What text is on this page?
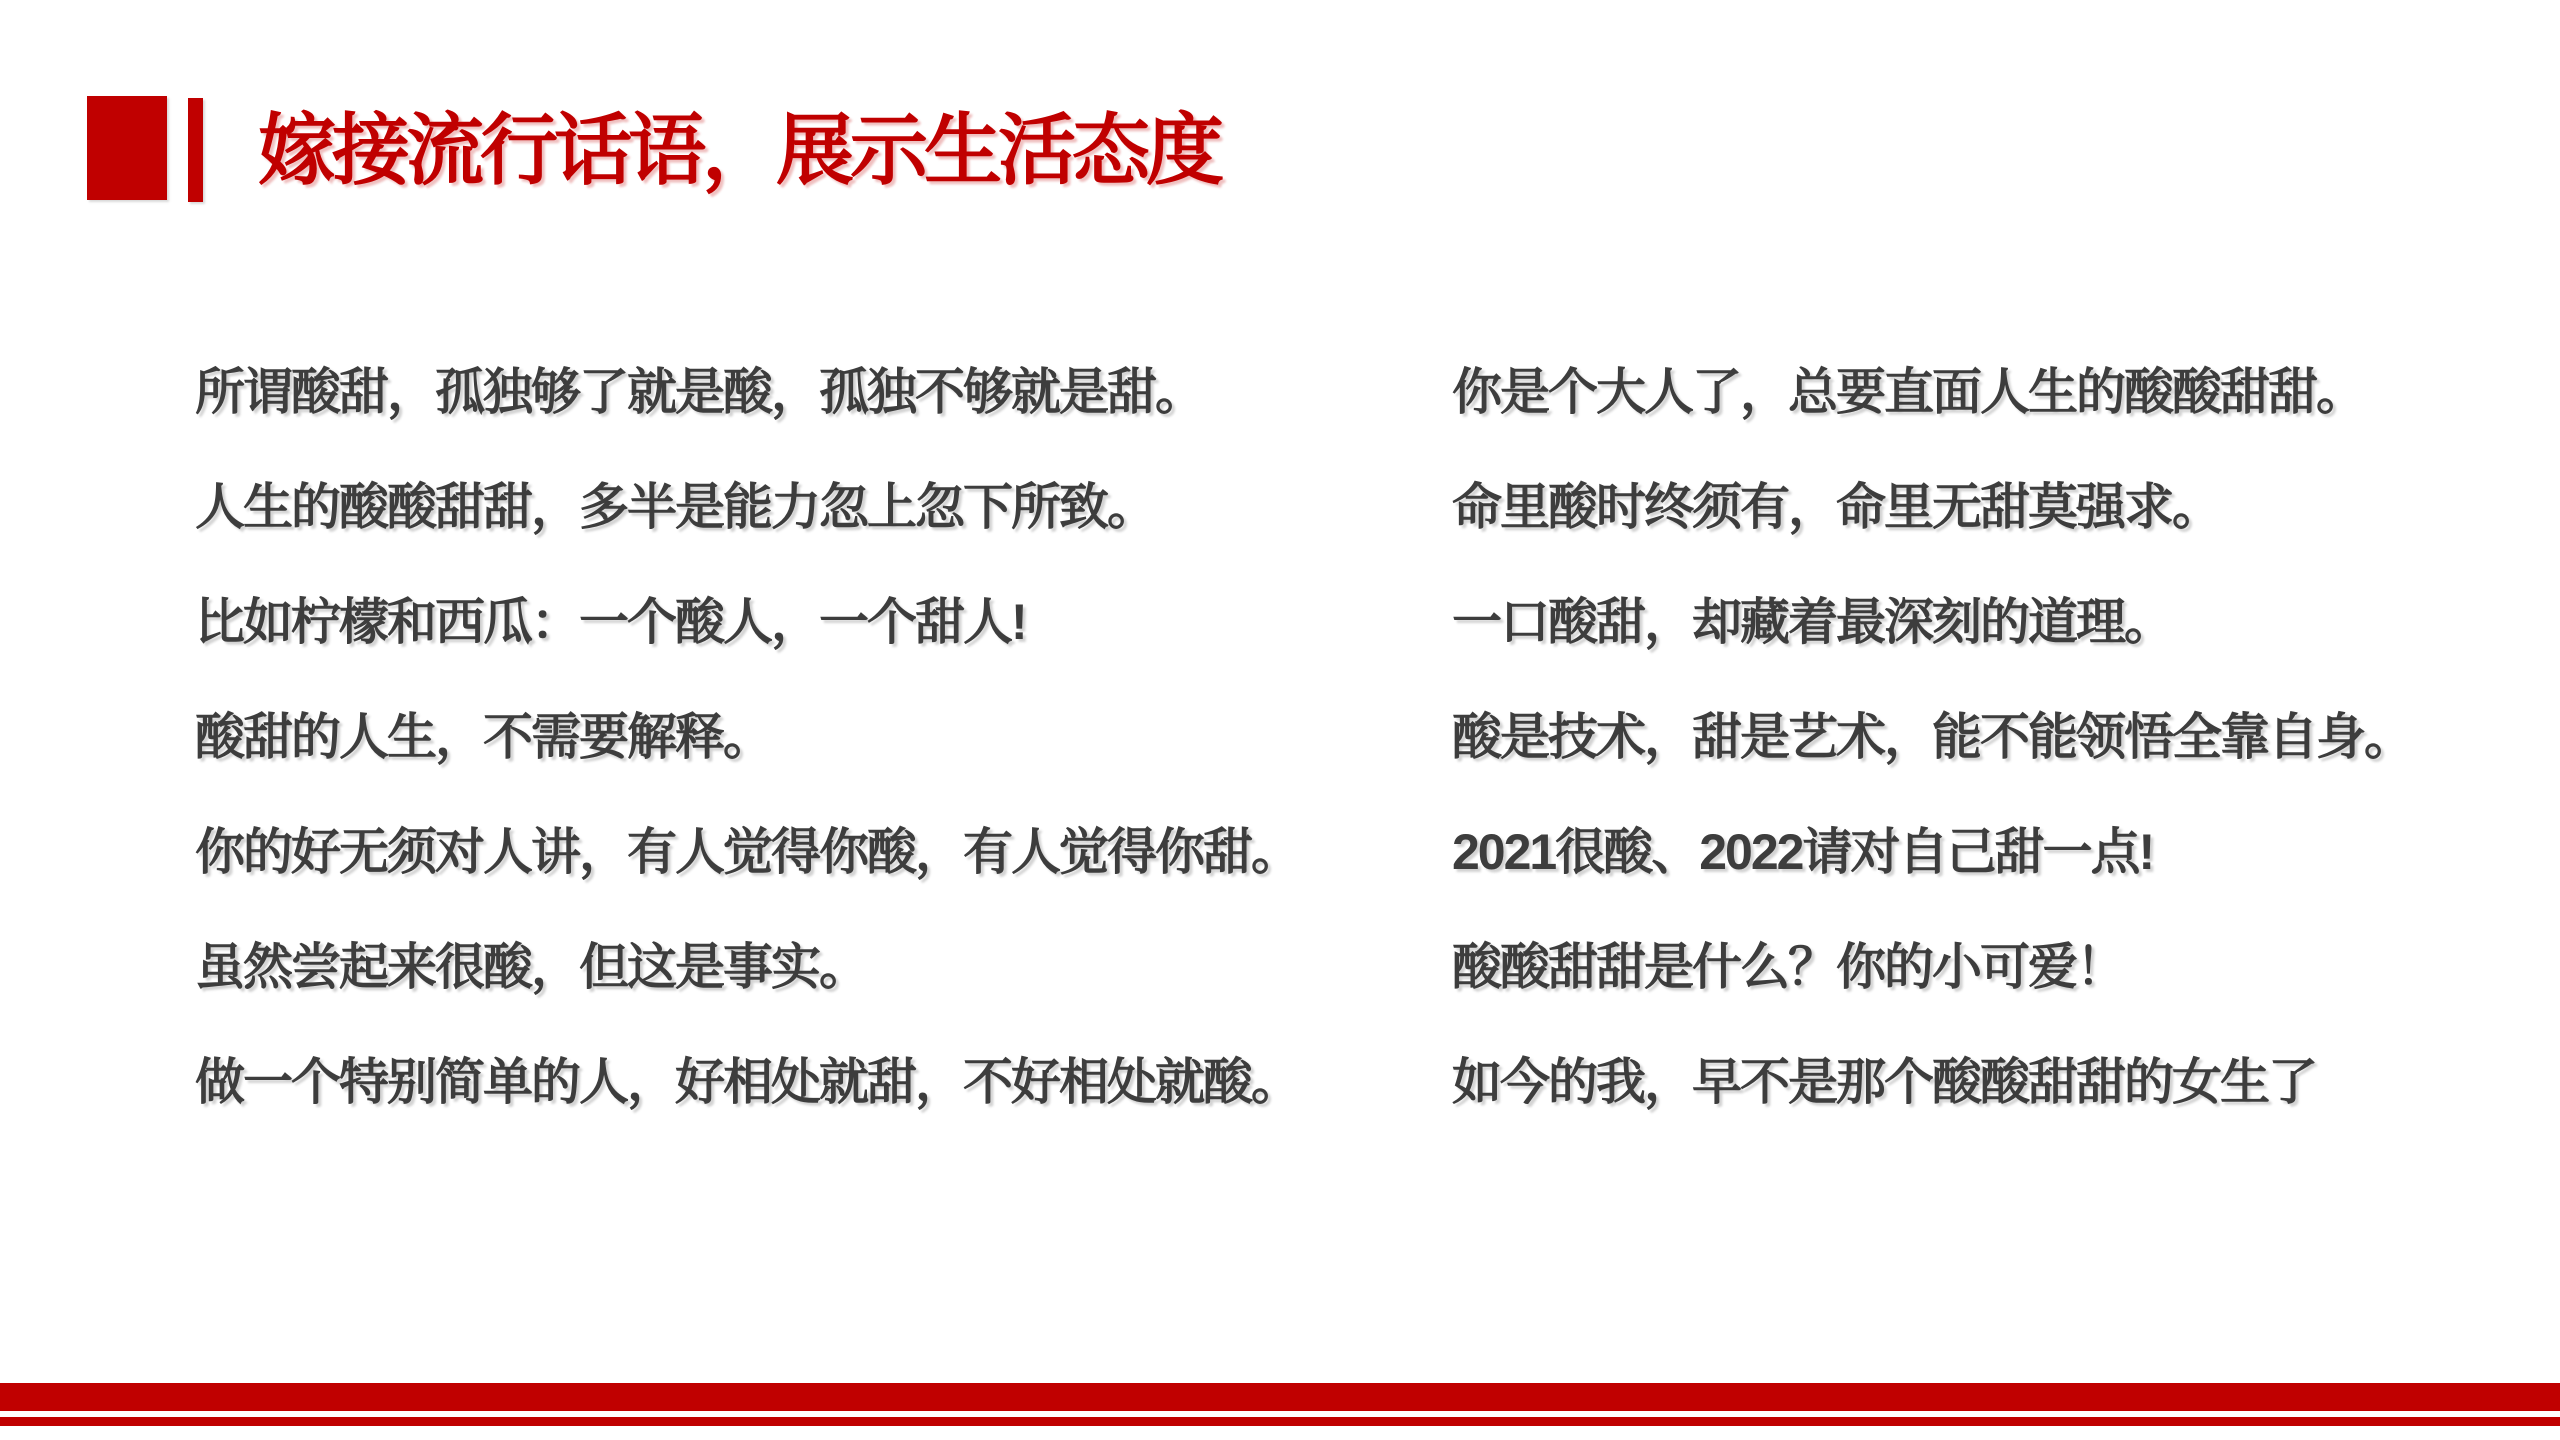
嫁接流行话语，展示生活态度

所谓酸甜，孤独够了就是酸，孤独不够就是甜。

人生的酸酸甜甜，多半是能力忽上忽下所致。

比如柠檬和西瓜：一个酸人，一个甜人!

酸甜的人生，不需要解释。

你的好无须对人讲，有人觉得你酸，有人觉得你甜。

虽然尝起来很酸，但这是事实。

做一个特别简单的人，好相处就甜，不好相处就酸。

你是个大人了，总要直面人生的酸酸甜甜。

命里酸时终须有，命里无甜莫强求。

一口酸甜，却藏着最深刻的道理。

酸是技术，甜是艺术，能不能领悟全靠自身。

2021很酸、2022请对自己甜一点!

酸酸甜甜是什么？你的小可爱！

如今的我，早不是那个酸酸甜甜的女生了
